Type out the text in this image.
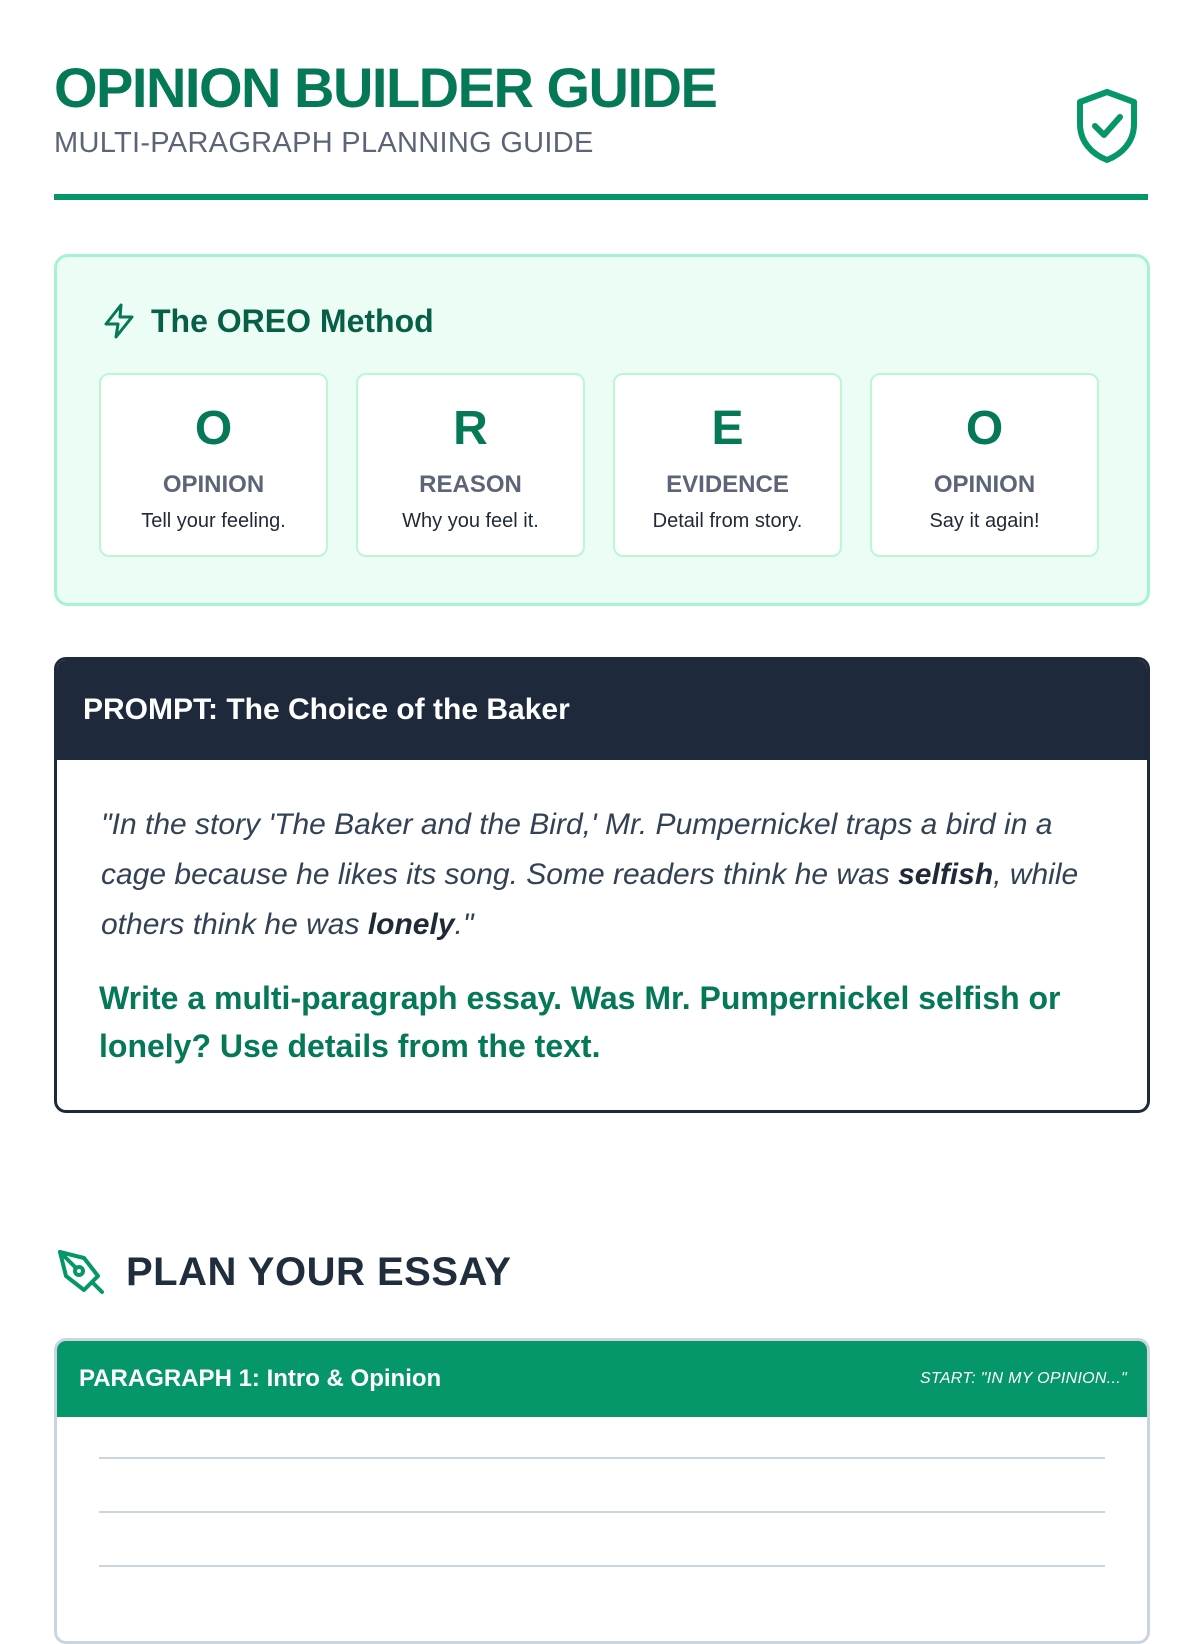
OPINION BUILDER GUIDE
MULTI-PARAGRAPH PLANNING GUIDE
The OREO Method
O
OPINION
Tell your feeling.
R
REASON
Why you feel it.
E
EVIDENCE
Detail from story.
O
OPINION
Say it again!
PROMPT: The Choice of the Baker
"In the story 'The Baker and the Bird,' Mr. Pumpernickel traps a bird in a cage because he likes its song. Some readers think he was selfish, while others think he was lonely."
Write a multi-paragraph essay. Was Mr. Pumpernickel selfish or lonely? Use details from the text.
PLAN YOUR ESSAY
PARAGRAPH 1: Intro & Opinion	START: "IN MY OPINION..."
